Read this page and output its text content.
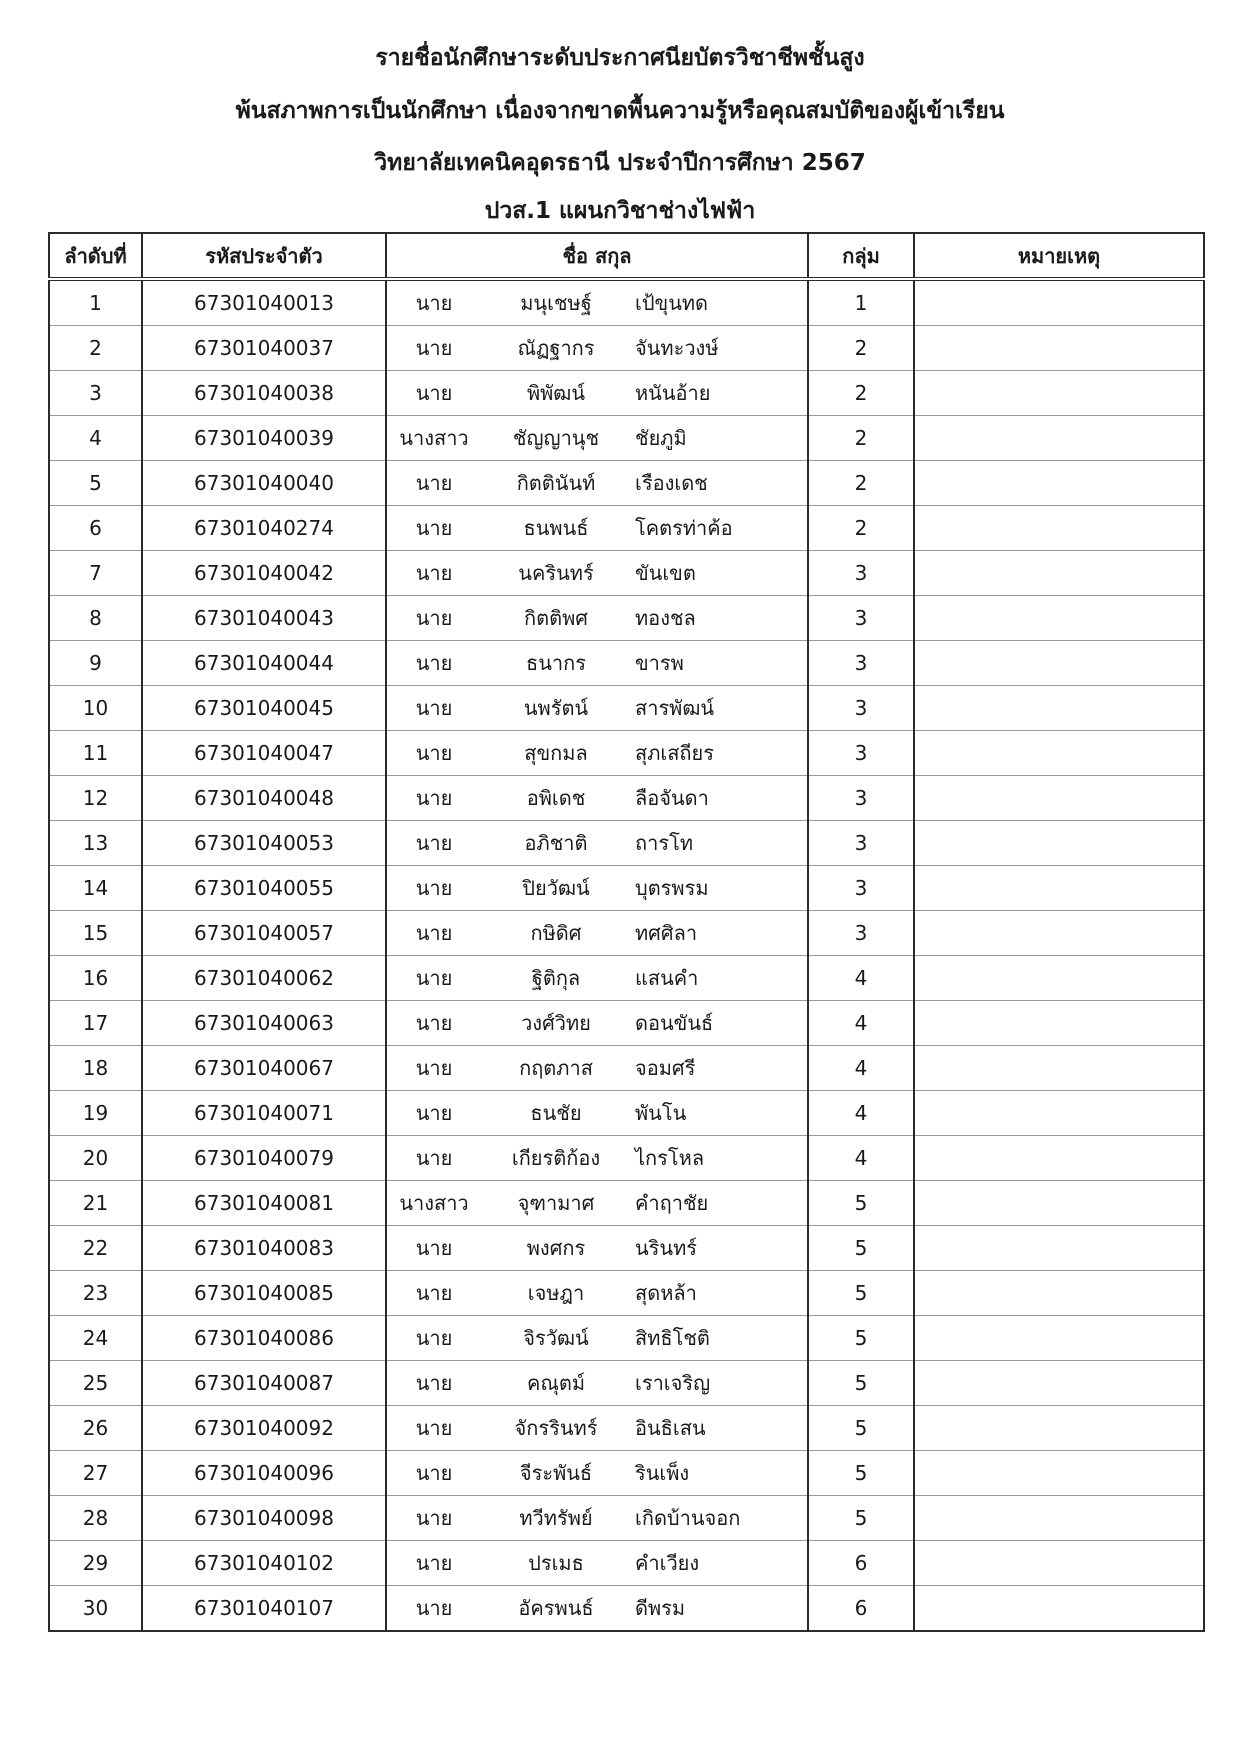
รายชื่อนักศึกษาระดับประกาศนียบัตรวิชาชีพชั้นสูง
พ้นสภาพการเป็นนักศึกษา เนื่องจากขาดพื้นความรู้หรือคุณสมบัติของผู้เข้าเรียน
วิทยาลัยเทคนิคอุดรธานี ประจำปีการศึกษา 2567
ปวส.1 แผนกวิชาช่างไฟฟ้า
ลำดับที่	รหัสประจำตัว	ชื่อ สกุล	กลุ่ม	หมายเหตุ
1	67301040013	นาย มนุเชษฐ์ เป้ขุนทด	1	
2	67301040037	นาย ณัฏฐากร จันทะวงษ์	2	
3	67301040038	นาย พิพัฒน์ หนันอ้าย	2	
4	67301040039	นางสาว ชัญญานุช ชัยภูมิ	2	
5	67301040040	นาย กิตตินันท์ เรืองเดช	2	
6	67301040274	นาย ธนพนธ์ โคตรท่าค้อ	2	
7	67301040042	นาย นครินทร์ ขันเขต	3	
8	67301040043	นาย กิตติพศ ทองชล	3	
9	67301040044	นาย ธนากร ขารพ	3	
10	67301040045	นาย นพรัตน์ สารพัฒน์	3	
11	67301040047	นาย สุขกมล สุภเสถียร	3	
12	67301040048	นาย อพิเดช ลือจันดา	3	
13	67301040053	นาย อภิชาติ ถารโท	3	
14	67301040055	นาย ปิยวัฒน์ บุตรพรม	3	
15	67301040057	นาย กษิดิศ ทศศิลา	3	
16	67301040062	นาย ฐิติกุล แสนคำ	4	
17	67301040063	นาย วงศ์วิทย ดอนขันธ์	4	
18	67301040067	นาย กฤตภาส จอมศรี	4	
19	67301040071	นาย ธนชัย พันโน	4	
20	67301040079	นาย เกียรติก้อง ไกรโหล	4	
21	67301040081	นางสาว จุฑามาศ คำฤาชัย	5	
22	67301040083	นาย พงศกร นรินทร์	5	
23	67301040085	นาย เจษฎา สุดหล้า	5	
24	67301040086	นาย จิรวัฒน์ สิทธิโชติ	5	
25	67301040087	นาย คณุตม์ เราเจริญ	5	
26	67301040092	นาย จักรรินทร์ อินธิเสน	5	
27	67301040096	นาย จีระพันธ์ รินเพ็ง	5	
28	67301040098	นาย ทวีทรัพย์ เกิดบ้านจอก	5	
29	67301040102	นาย ปรเมธ คำเวียง	6	
30	67301040107	นาย อัครพนธ์ ดีพรม	6	
